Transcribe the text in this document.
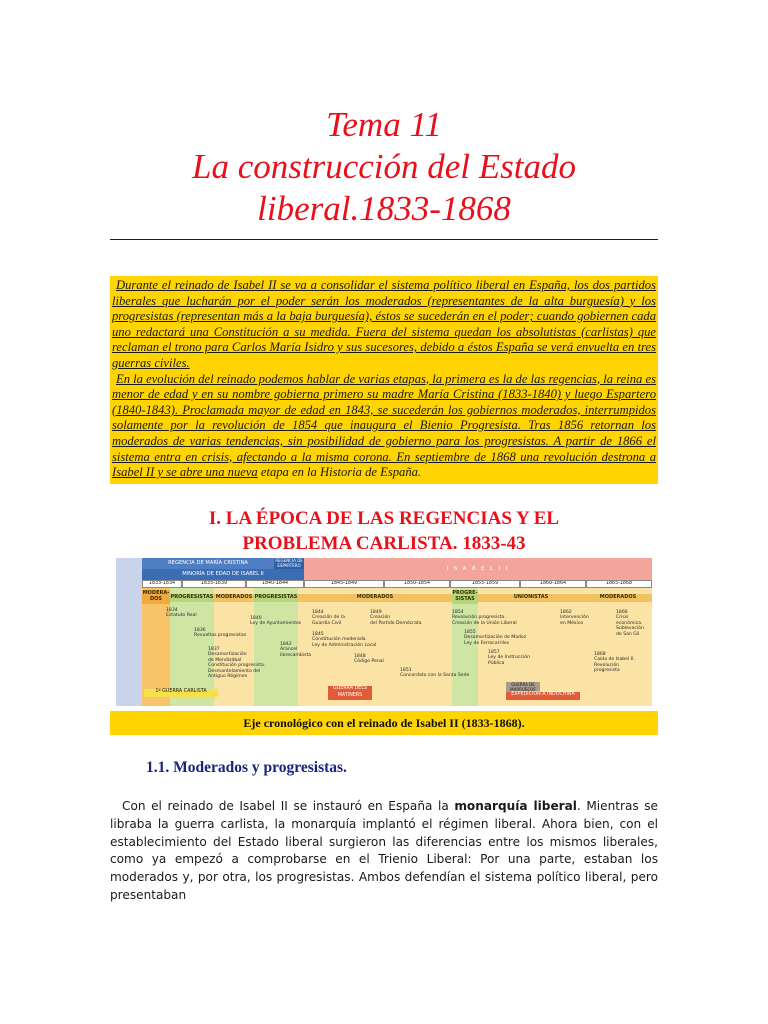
Tema 11
La construcción del Estado
liberal.1833-1868

Durante el reinado de Isabel II se va a consolidar el sistema político liberal en España, los dos partidos liberales que lucharán por el poder serán los moderados (representantes de la alta burguesía) y los progresistas (representan más a la baja burguesía), éstos se sucederán en el poder; cuando gobiernen cada uno redactará una Constitución a su medida. Fuera del sistema quedan los absolutistas (carlistas) que reclaman el trono para Carlos María Isidro y sus sucesores, debido a éstos España se verá envuelta en tres guerras civiles.

En la evolución del reinado podemos hablar de varias etapas, la primera es la de las regencias, la reina es menor de edad y en su nombre gobierna primero su madre María Cristina (1833-1840) y luego Espartero (1840-1843). Proclamada mayor de edad en 1843, se sucederán los gobiernos moderados, interrumpidos solamente por la revolución de 1854 que inaugura el Bienio Progresista. Tras 1856 retornan los moderados de varias tendencias, sin posibilidad de gobierno para los progresistas. A partir de 1866 el sistema entra en crisis, afectando a la misma corona. En septiembre de 1868 una revolución destrona a Isabel II y se abre una nueva etapa en la Historia de España.

I. LA ÉPOCA DE LAS REGENCIAS Y EL
PROBLEMA CARLISTA. 1833-43
REGENCIA DE MARÍA CRISTINA	REGENCIA DE ESPARTERO
MINORÍA DE EDAD DE ISABEL II
I S A B E L I I
1833-1834	1835-1839	1840-1844	1845-1849	1850-1854	1855-1859	1860-1864	1865-1868
MODERA-DOS	PROGRESISTAS MODERADOS PROGRESISTAS	MODERADOS
PROGRE-SISTAS	UNIONISTAS	MODERADOS
1834
Estatuto Real
1836
Revueltas progresistas
1837
Desamortización
de Mendizábal
Constitución progresista.
Desmantelamiento del
Antiguo Régimen
1840
Ley de Ayuntamientos
1842
Arancel
librecambista
1844
Creación de la
Guardia Civil
1845
Constitución moderada
Ley de Administración Local
1848
Código Penal
1849
Creación
del Partido Demócrata
1851
Concordato con la Santa Sede
1854
Revolución progresista.
Creación de la Unión Liberal
1855
Desamortización de Madoz
Ley de Ferrocarriles
1857
Ley de Instrucción
Pública
1862
Intervención
en México
1866
Crisis
económica.
Sublevación
de San Gil
1868
Caída de Isabel II.
Revolución
progresista
1ª GUERRA CARLISTA
GUERRA DELS MATINERS
GUERRA DE MARRUECOS
EXPEDICIÓN A INDOCHINA
Eje cronológico con el reinado de Isabel II (1833-1868).
1.1. Moderados y progresistas.

Con el reinado de Isabel II se instauró en España la monarquía liberal. Mientras se libraba la guerra carlista, la monarquía implantó el régimen liberal. Ahora bien, con el establecimiento del Estado liberal surgieron las diferencias entre los mismos liberales, como ya empezó a comprobarse en el Trienio Liberal: Por una parte, estaban los moderados y, por otra, los progresistas. Ambos defendían el sistema político liberal, pero presentaban
